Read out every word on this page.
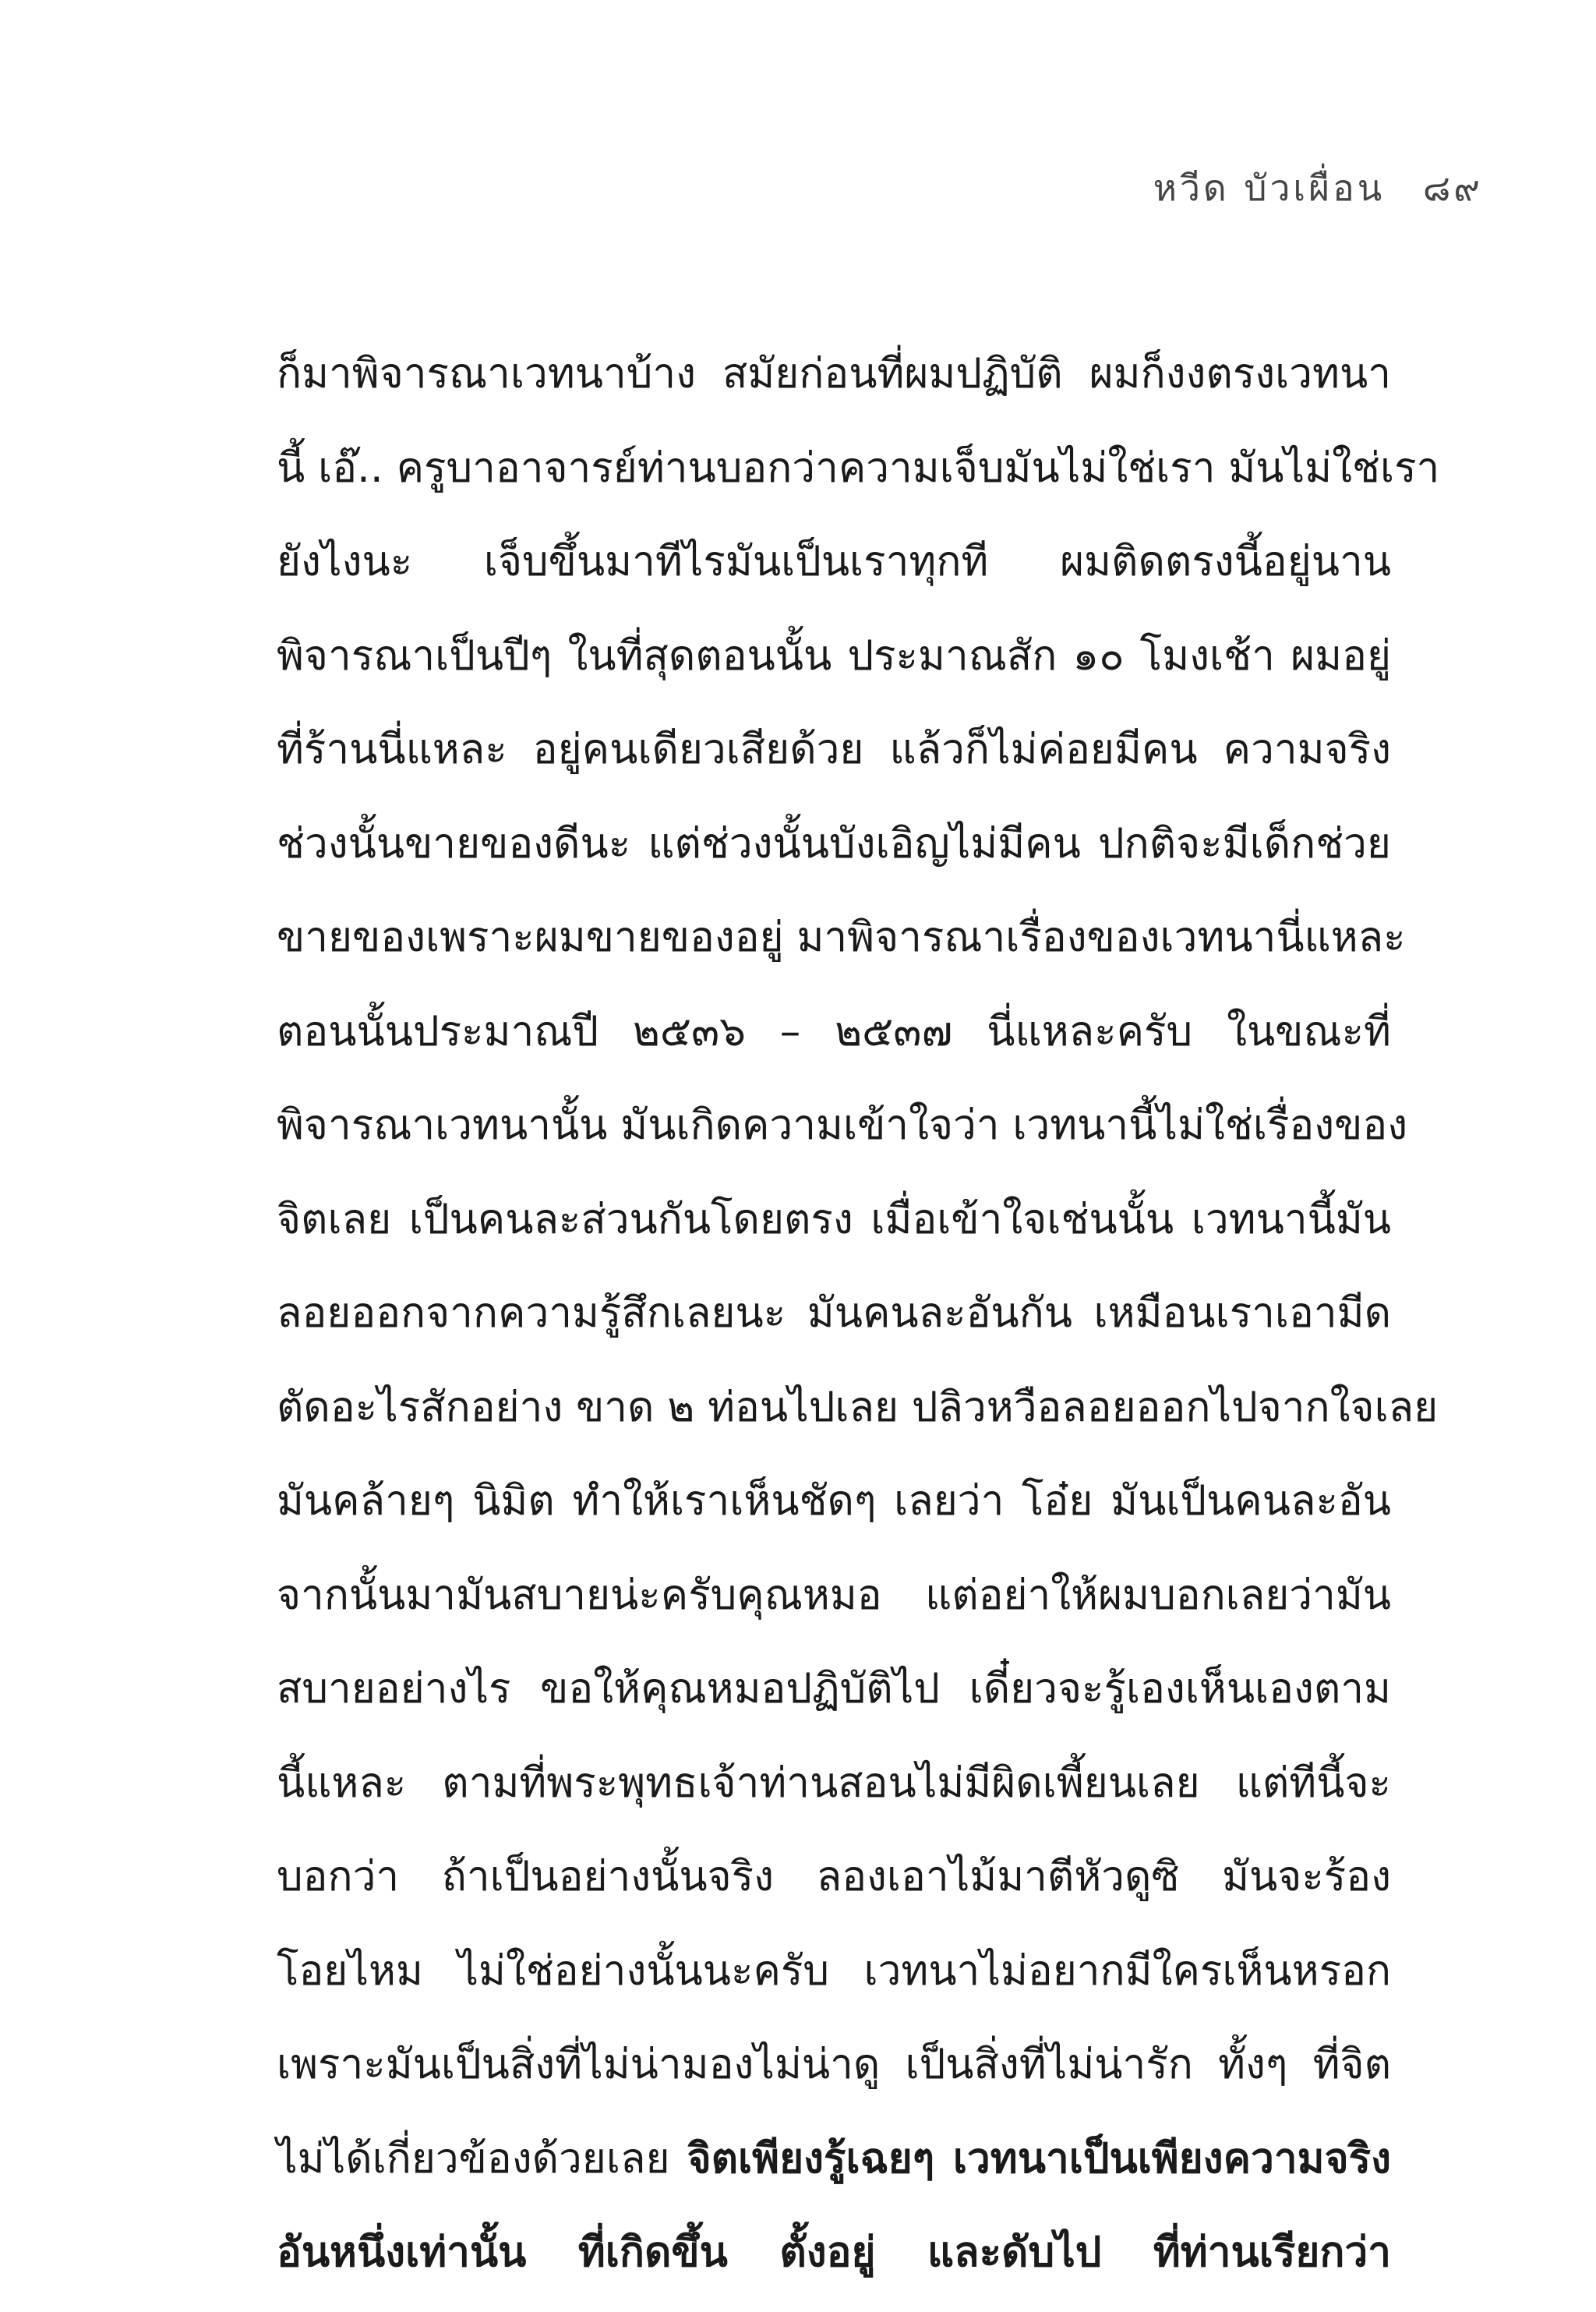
หวีด บัวเผื่อน ๘๙
ก็มาพิจารณาเวทนาบ้าง สมัยก่อนที่ผมปฏิบัติ ผมก็งงตรงเวทนา
นี้ เอ๊.. ครูบาอาจารย์ท่านบอกว่าความเจ็บมันไม่ใช่เรา มันไม่ใช่เรา
ยังไงนะ เจ็บขึ้นมาทีไรมันเป็นเราทุกที ผมติดตรงนี้อยู่นาน
พิจารณาเป็นปีๆ ในที่สุดตอนนั้น ประมาณสัก ๑๐ โมงเช้า ผมอยู่
ที่ร้านนี่แหละ อยู่คนเดียวเสียด้วย แล้วก็ไม่ค่อยมีคน ความจริง
ช่วงนั้นขายของดีนะ แต่ช่วงนั้นบังเอิญไม่มีคน ปกติจะมีเด็กช่วย
ขายของเพราะผมขายของอยู่ มาพิจารณาเรื่องของเวทนานี่แหละ
ตอนนั้นประมาณปี ๒๕๓๖ – ๒๕๓๗ นี่แหละครับ ในขณะที่
พิจารณาเวทนานั้น มันเกิดความเข้าใจว่า เวทนานี้ไม่ใช่เรื่องของ
จิตเลย เป็นคนละส่วนกันโดยตรง เมื่อเข้าใจเช่นนั้น เวทนานี้มัน
ลอยออกจากความรู้สึกเลยนะ มันคนละอันกัน เหมือนเราเอามีด
ตัดอะไรสักอย่าง ขาด ๒ ท่อนไปเลย ปลิวหวือลอยออกไปจากใจเลย
มันคล้ายๆ นิมิต ทำให้เราเห็นชัดๆ เลยว่า โอ๋ย มันเป็นคนละอัน
จากนั้นมามันสบายน่ะครับคุณหมอ แต่อย่าให้ผมบอกเลยว่ามัน
สบายอย่างไร ขอให้คุณหมอปฏิบัติไป เดี๋ยวจะรู้เองเห็นเองตาม
นี้แหละ ตามที่พระพุทธเจ้าท่านสอนไม่มีผิดเพี้ยนเลย แต่ทีนี้จะ
บอกว่า ถ้าเป็นอย่างนั้นจริง ลองเอาไม้มาตีหัวดูซิ มันจะร้อง
โอยไหม ไม่ใช่อย่างนั้นนะครับ เวทนาไม่อยากมีใครเห็นหรอก
เพราะมันเป็นสิ่งที่ไม่น่ามองไม่น่าดู เป็นสิ่งที่ไม่น่ารัก ทั้งๆ ที่จิต
ไม่ได้เกี่ยวข้องด้วยเลย จิตเพียงรู้เฉยๆ เวทนาเป็นเพียงความจริง
อันหนึ่งเท่านั้น ที่เกิดขึ้น ตั้งอยู่ และดับไป ที่ท่านเรียกว่า
